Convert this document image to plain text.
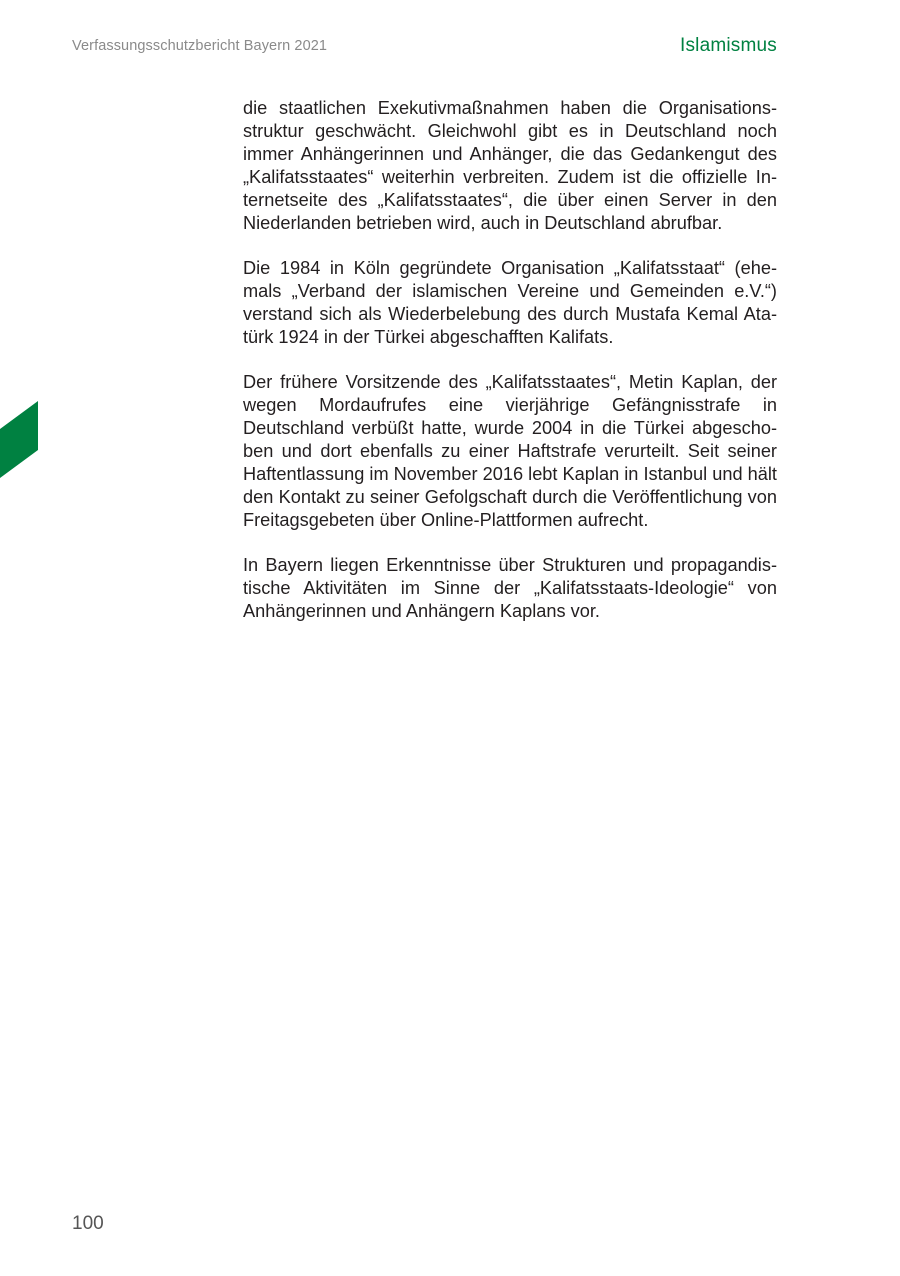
Verfassungsschutzbericht Bayern 2021	Islamismus

die staatlichen Exekutivmaßnahmen haben die Organisationsstruktur geschwächt. Gleichwohl gibt es in Deutschland noch immer Anhängerinnen und Anhänger, die das Gedankengut des „Kalifatsstaates“ weiterhin verbreiten. Zudem ist die offizielle Internetseite des „Kalifatsstaates“, die über einen Server in den Niederlanden betrieben wird, auch in Deutschland abrufbar.

Die 1984 in Köln gegründete Organisation „Kalifatsstaat“ (ehemals „Verband der islamischen Vereine und Gemeinden e.V.“) verstand sich als Wiederbelebung des durch Mustafa Kemal Atatürk 1924 in der Türkei abgeschafften Kalifats.

Der frühere Vorsitzende des „Kalifatsstaates“, Metin Kaplan, der wegen Mordaufrufes eine vierjährige Gefängnisstrafe in Deutschland verbüßt hatte, wurde 2004 in die Türkei abgeschoben und dort ebenfalls zu einer Haftstrafe verurteilt. Seit seiner Haftentlassung im November 2016 lebt Kaplan in Istanbul und hält den Kontakt zu seiner Gefolgschaft durch die Veröffentlichung von Freitagsgebeten über Online-Plattformen aufrecht.

In Bayern liegen Erkenntnisse über Strukturen und propagandistische Aktivitäten im Sinne der „Kalifatsstaats-Ideologie“ von Anhängerinnen und Anhängern Kaplans vor.

100
